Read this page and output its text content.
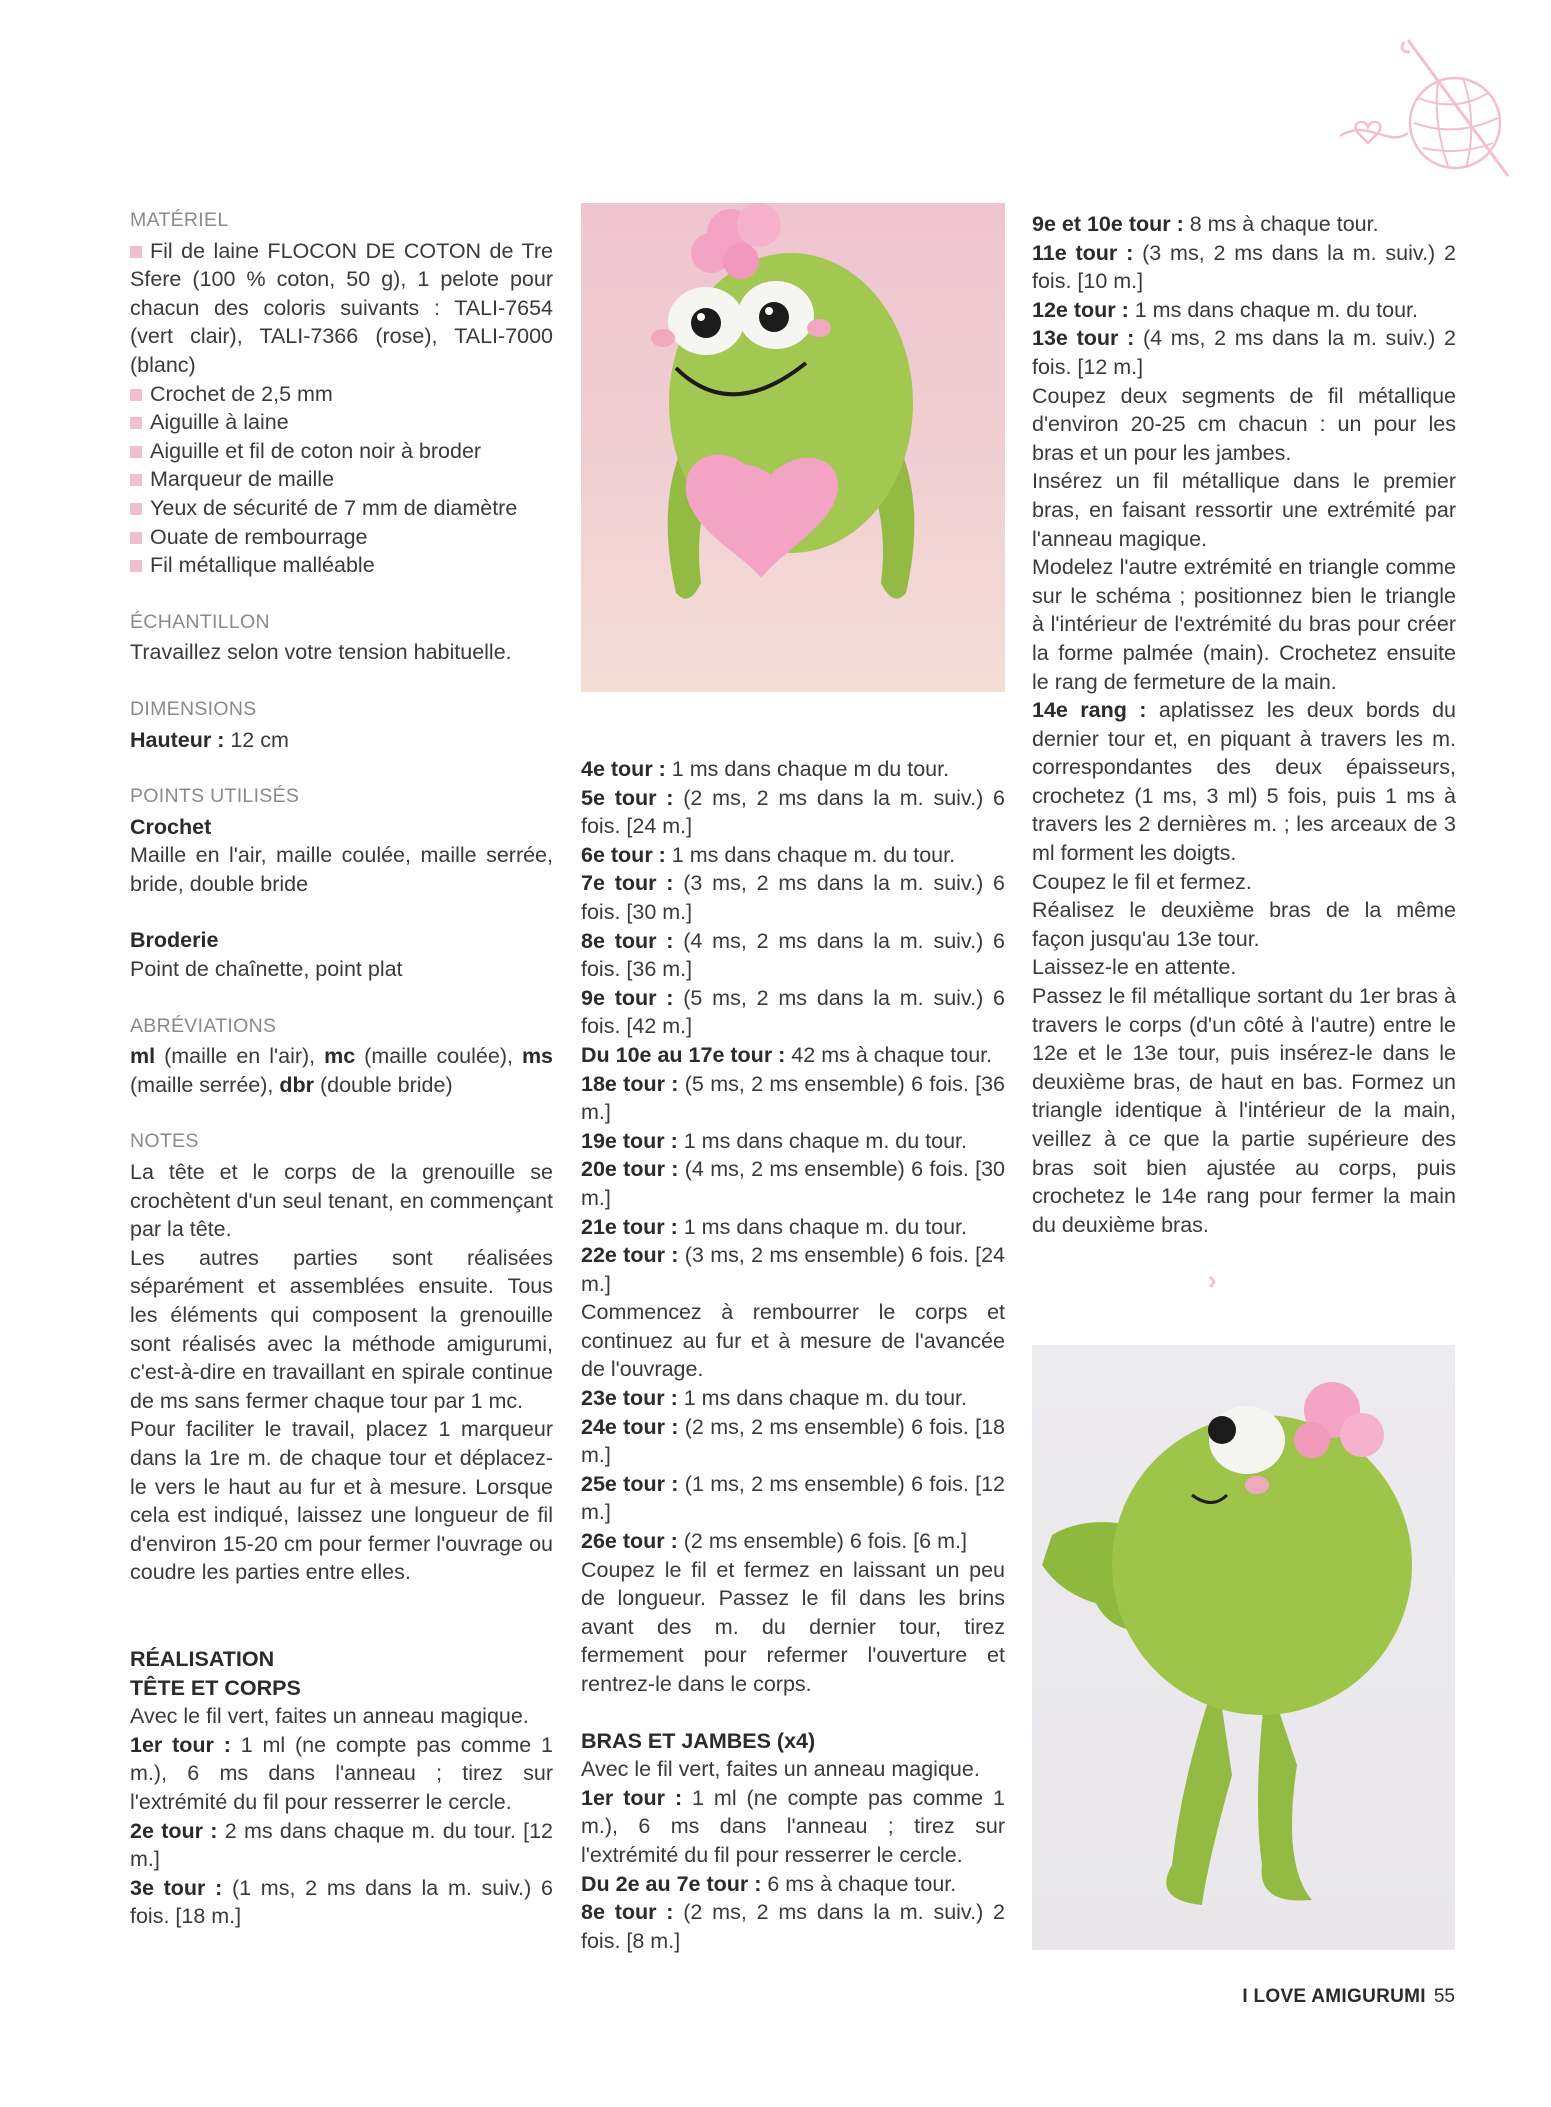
MATÉRIEL

Fil de laine FLOCON DE COTON de Tre Sfere (100 % coton, 50 g), 1 pelote pour chacun des coloris suivants : TALI-7654 (vert clair), TALI-7366 (rose), TALI-7000 (blanc)

Crochet de 2,5 mm

Aiguille à laine

Aiguille et fil de coton noir à broder

Marqueur de maille

Yeux de sécurité de 7 mm de diamètre

Ouate de rembourrage

Fil métallique malléable

ÉCHANTILLON

Travaillez selon votre tension habituelle.

DIMENSIONS

Hauteur : 12 cm

POINTS UTILISÉS

Crochet

Maille en l'air, maille coulée, maille serrée, bride, double bride

Broderie

Point de chaînette, point plat

ABRÉVIATIONS

ml (maille en l'air), mc (maille coulée), ms (maille serrée), dbr (double bride)

NOTES

La tête et le corps de la grenouille se crochètent d'un seul tenant, en commençant par la tête.

Les autres parties sont réalisées séparément et assemblées ensuite. Tous les éléments qui composent la grenouille sont réalisés avec la méthode amigurumi, c'est-à-dire en travaillant en spirale continue de ms sans fermer chaque tour par 1 mc.

Pour faciliter le travail, placez 1 marqueur dans la 1re m. de chaque tour et déplacez-le vers le haut au fur et à mesure. Lorsque cela est indiqué, laissez une longueur de fil d'environ 15-20 cm pour fermer l'ouvrage ou coudre les parties entre elles.

RÉALISATION

TÊTE ET CORPS

Avec le fil vert, faites un anneau magique.

1er tour : 1 ml (ne compte pas comme 1 m.), 6 ms dans l'anneau ; tirez sur l'extrémité du fil pour resserrer le cercle.

2e tour : 2 ms dans chaque m. du tour. [12 m.]

3e tour : (1 ms, 2 ms dans la m. suiv.) 6 fois. [18 m.]

4e tour : 1 ms dans chaque m du tour.

5e tour : (2 ms, 2 ms dans la m. suiv.) 6 fois. [24 m.]

6e tour : 1 ms dans chaque m. du tour.

7e tour : (3 ms, 2 ms dans la m. suiv.) 6 fois. [30 m.]

8e tour : (4 ms, 2 ms dans la m. suiv.) 6 fois. [36 m.]

9e tour : (5 ms, 2 ms dans la m. suiv.) 6 fois. [42 m.]

Du 10e au 17e tour : 42 ms à chaque tour.

18e tour : (5 ms, 2 ms ensemble) 6 fois. [36 m.]

19e tour : 1 ms dans chaque m. du tour.

20e tour : (4 ms, 2 ms ensemble) 6 fois. [30 m.]

21e tour : 1 ms dans chaque m. du tour.

22e tour : (3 ms, 2 ms ensemble) 6 fois. [24 m.]

Commencez à rembourrer le corps et continuez au fur et à mesure de l'avancée de l'ouvrage.

23e tour : 1 ms dans chaque m. du tour.

24e tour : (2 ms, 2 ms ensemble) 6 fois. [18 m.]

25e tour : (1 ms, 2 ms ensemble) 6 fois. [12 m.]

26e tour : (2 ms ensemble) 6 fois. [6 m.]

Coupez le fil et fermez en laissant un peu de longueur. Passez le fil dans les brins avant des m. du dernier tour, tirez fermement pour refermer l'ouverture et rentrez-le dans le corps.

BRAS ET JAMBES (x4)

Avec le fil vert, faites un anneau magique.

1er tour : 1 ml (ne compte pas comme 1 m.), 6 ms dans l'anneau ; tirez sur l'extrémité du fil pour resserrer le cercle.

Du 2e au 7e tour : 6 ms à chaque tour.

8e tour : (2 ms, 2 ms dans la m. suiv.) 2 fois. [8 m.]

9e et 10e tour : 8 ms à chaque tour.

11e tour : (3 ms, 2 ms dans la m. suiv.) 2 fois. [10 m.]

12e tour : 1 ms dans chaque m. du tour.

13e tour : (4 ms, 2 ms dans la m. suiv.) 2 fois. [12 m.]

Coupez deux segments de fil métallique d'environ 20-25 cm chacun : un pour les bras et un pour les jambes.

Insérez un fil métallique dans le premier bras, en faisant ressortir une extrémité par l'anneau magique.

Modelez l'autre extrémité en triangle comme sur le schéma ; positionnez bien le triangle à l'intérieur de l'extrémité du bras pour créer la forme palmée (main). Crochetez ensuite le rang de fermeture de la main.

14e rang : aplatissez les deux bords du dernier tour et, en piquant à travers les m. correspondantes des deux épaisseurs, crochetez (1 ms, 3 ml) 5 fois, puis 1 ms à travers les 2 dernières m. ; les arceaux de 3 ml forment les doigts.

Coupez le fil et fermez.

Réalisez le deuxième bras de la même façon jusqu'au 13e tour.

Laissez-le en attente.

Passez le fil métallique sortant du 1er bras à travers le corps (d'un côté à l'autre) entre le 12e et le 13e tour, puis insérez-le dans le deuxième bras, de haut en bas. Formez un triangle identique à l'intérieur de la main, veillez à ce que la partie supérieure des bras soit bien ajustée au corps, puis crochetez le 14e rang pour fermer la main du deuxième bras.

›
I LOVE AMIGURUMI 55
